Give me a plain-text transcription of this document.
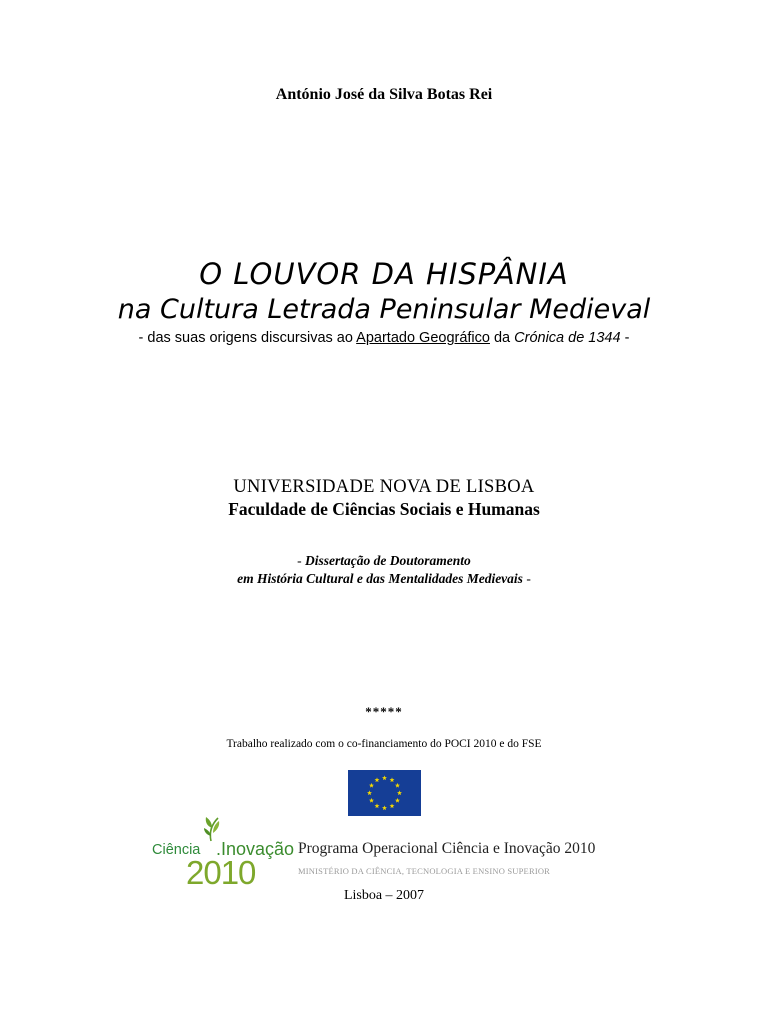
António José da Silva Botas Rei
O LOUVOR DA HISPÂNIA
na Cultura Letrada Peninsular Medieval
- das suas origens discursivas ao Apartado Geográfico da Crónica de 1344 -
UNIVERSIDADE NOVA DE LISBOA
Faculdade de Ciências Sociais e Humanas
- Dissertação de Doutoramento
em História Cultural e das Mentalidades Medievais -
*****
Trabalho realizado com o co-financiamento do POCI 2010 e do FSE
Ciência .Inovação
2010
Programa Operacional Ciência e Inovação 2010
MINISTÉRIO DA CIÊNCIA, TECNOLOGIA E ENSINO SUPERIOR
Lisboa – 2007
